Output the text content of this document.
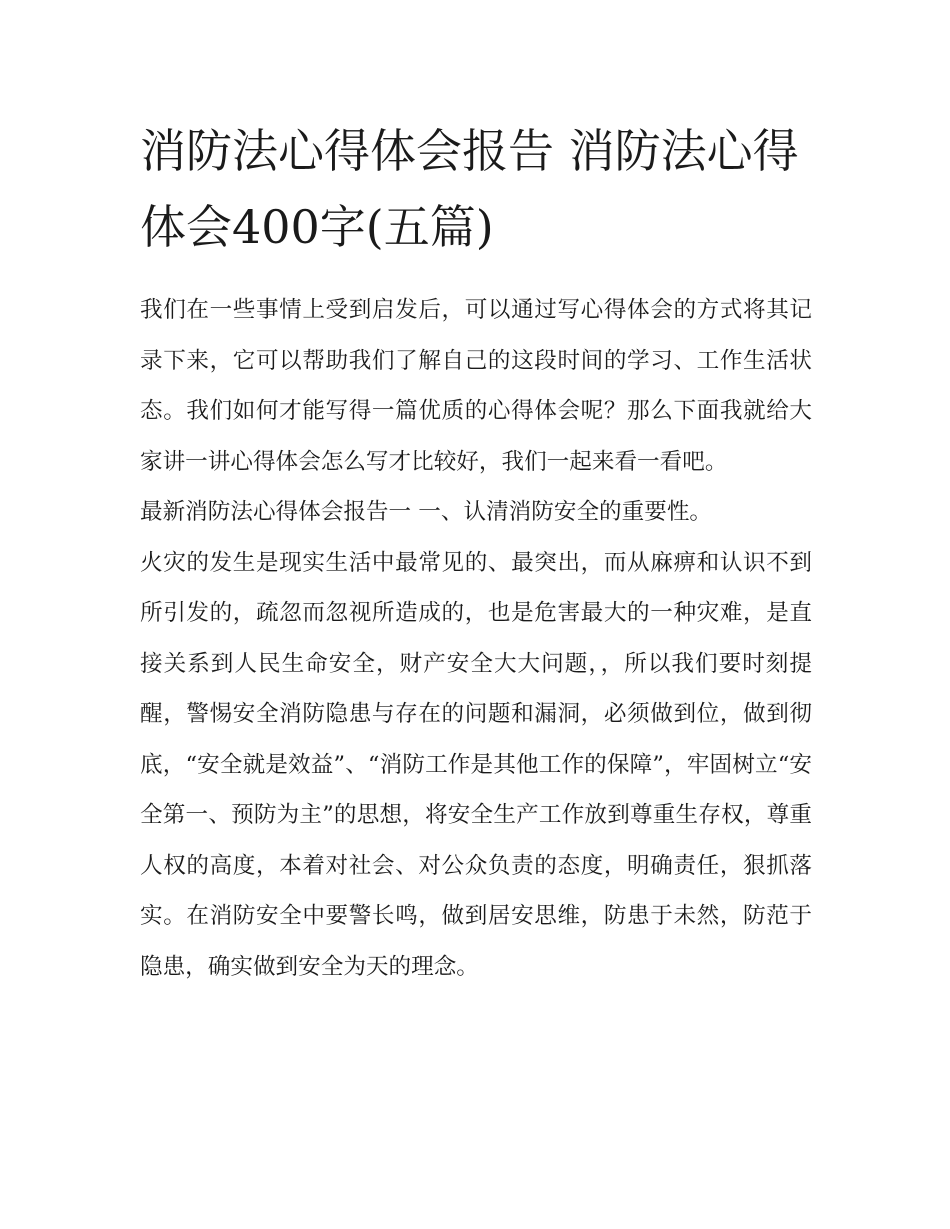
消防法心得体会报告 消防法心得体会400字(五篇)

我们在一些事情上受到启发后，可以通过写心得体会的方式将其记录下来，它可以帮助我们了解自己的这段时间的学习、工作生活状态。我们如何才能写得一篇优质的心得体会呢？那么下面我就给大家讲一讲心得体会怎么写才比较好，我们一起来看一看吧。

最新消防法心得体会报告一 一、认清消防安全的重要性。

火灾的发生是现实生活中最常见的、最突出，而从麻痹和认识不到所引发的，疏忽而忽视所造成的，也是危害最大的一种灾难，是直接关系到人民生命安全，财产安全大大问题，，所以我们要时刻提醒，警惕安全消防隐患与存在的问题和漏洞，必须做到位，做到彻底，“安全就是效益”、“消防工作是其他工作的保障”，牢固树立“安全第一、预防为主”的思想，将安全生产工作放到尊重生存权，尊重人权的高度，本着对社会、对公众负责的态度，明确责任，狠抓落实。在消防安全中要警长鸣，做到居安思维，防患于未然，防范于隐患，确实做到安全为天的理念。
